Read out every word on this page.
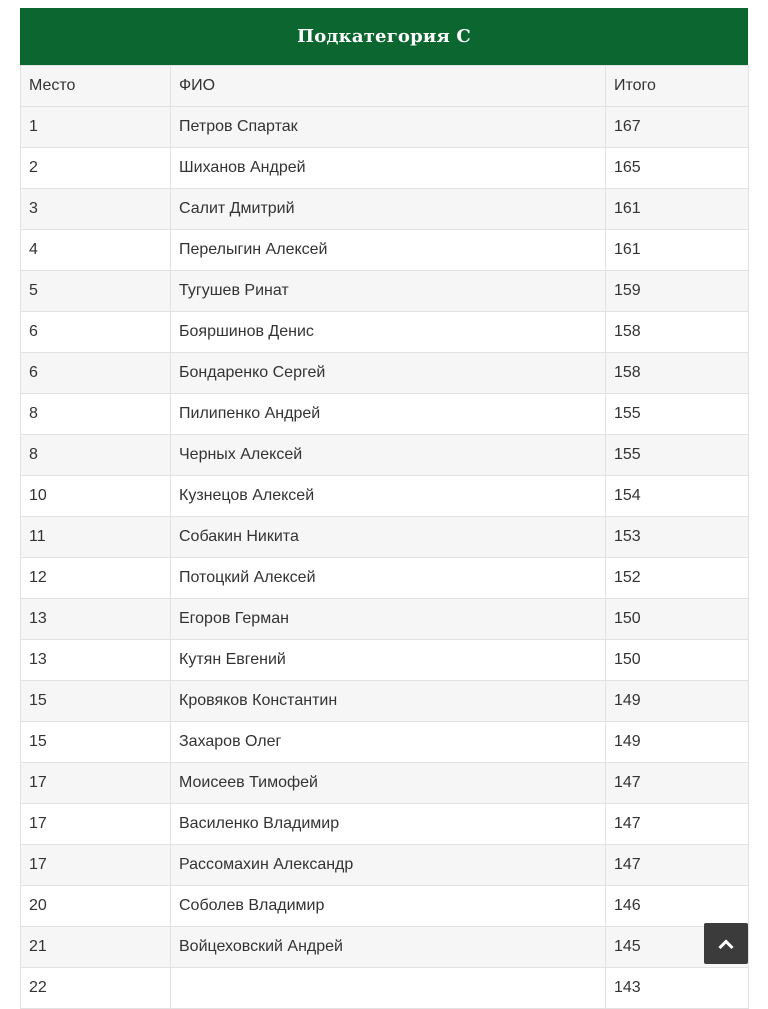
Подкатегория С
Место	ФИО	Итого
1	Петров Спартак	167
2	Шиханов Андрей	165
3	Салит Дмитрий	161
4	Перелыгин Алексей	161
5	Тугушев Ринат	159
6	Бояршинов Денис	158
6	Бондаренко Сергей	158
8	Пилипенко Андрей	155
8	Черных Алексей	155
10	Кузнецов Алексей	154
11	Собакин Никита	153
12	Потоцкий Алексей	152
13	Егоров Герман	150
13	Кутян Евгений	150
15	Кровяков Константин	149
15	Захаров Олег	149
17	Моисеев Тимофей	147
17	Василенко Владимир	147
17	Рассомахин Александр	147
20	Соболев Владимир	146
21	Войцеховский Андрей	145
22		143
